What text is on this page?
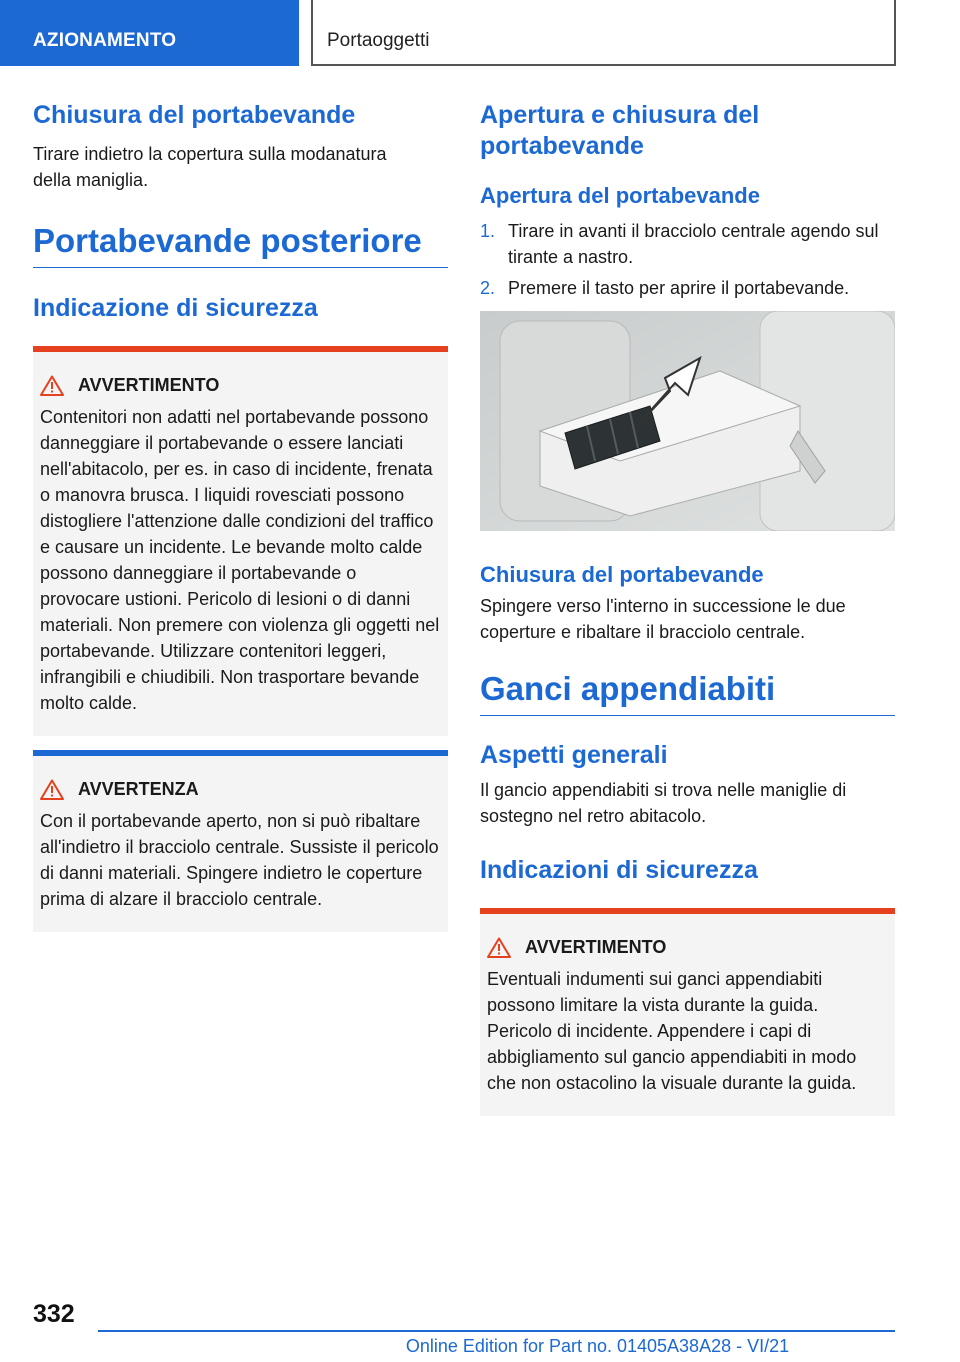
AZIONAMENTO	Portaoggetti
Chiusura del portabevande

Tirare indietro la copertura sulla modanatura della maniglia.

Portabevande posteriore
Indicazione di sicurezza
AVVERTIMENTO

Contenitori non adatti nel portabevande possono danneggiare il portabevande o essere lanciati nell'abitacolo, per es. in caso di incidente, frenata o manovra brusca. I liquidi rovesciati possono distogliere l'attenzione dalle condizioni del traffico e causare un incidente. Le bevande molto calde possono danneggiare il portabevande o provocare ustioni. Pericolo di lesioni o di danni materiali. Non premere con violenza gli oggetti nel portabevande. Utilizzare contenitori leggeri, infrangibili e chiudibili. Non trasportare bevande molto calde.

AVVERTENZA

Con il portabevande aperto, non si può ribaltare all'indietro il bracciolo centrale. Sussiste il pericolo di danni materiali. Spingere indietro le coperture prima di alzare il bracciolo centrale.

Apertura e chiusura del portabevande
Apertura del portabevande
1. Tirare in avanti il bracciolo centrale agendo sul tirante a nastro.
2. Premere il tasto per aprire il portabevande.
Chiusura del portabevande

Spingere verso l'interno in successione le due coperture e ribaltare il bracciolo centrale.

Ganci appendiabiti
Aspetti generali

Il gancio appendiabiti si trova nelle maniglie di sostegno nel retro abitacolo.

Indicazioni di sicurezza
AVVERTIMENTO

Eventuali indumenti sui ganci appendiabiti possono limitare la vista durante la guida. Pericolo di incidente. Appendere i capi di abbigliamento sul gancio appendiabiti in modo che non ostacolino la visuale durante la guida.

332
Online Edition for Part no. 01405A38A28 - VI/21
